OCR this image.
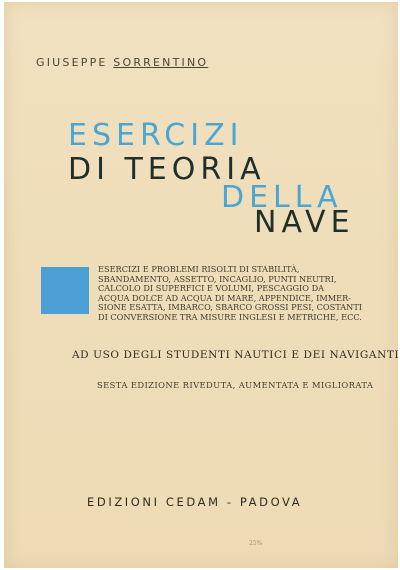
GIUSEPPE SORRENTINO
ESERCIZI
DI TEORIA
DELLA
NAVE
ESERCIZI E PROBLEMI RISOLTI DI STABILITÀ,
SBANDAMENTO, ASSETTO, INCAGLIO, PUNTI NEUTRI,
CALCOLO DI SUPERFICI E VOLUMI, PESCAGGIO DA
ACQUA DOLCE AD ACQUA DI MARE, APPENDICE, IMMER-
SIONE ESATTA, IMBARCO, SBARCO GROSSI PESI, COSTANTI
DI CONVERSIONE TRA MISURE INGLESI E METRICHE, ECC.
AD USO DEGLI STUDENTI NAUTICI E DEI NAVIGANTI
SESTA EDIZIONE RIVEDUTA, AUMENTATA E MIGLIORATA
EDIZIONI CEDAM - PADOVA
25%
